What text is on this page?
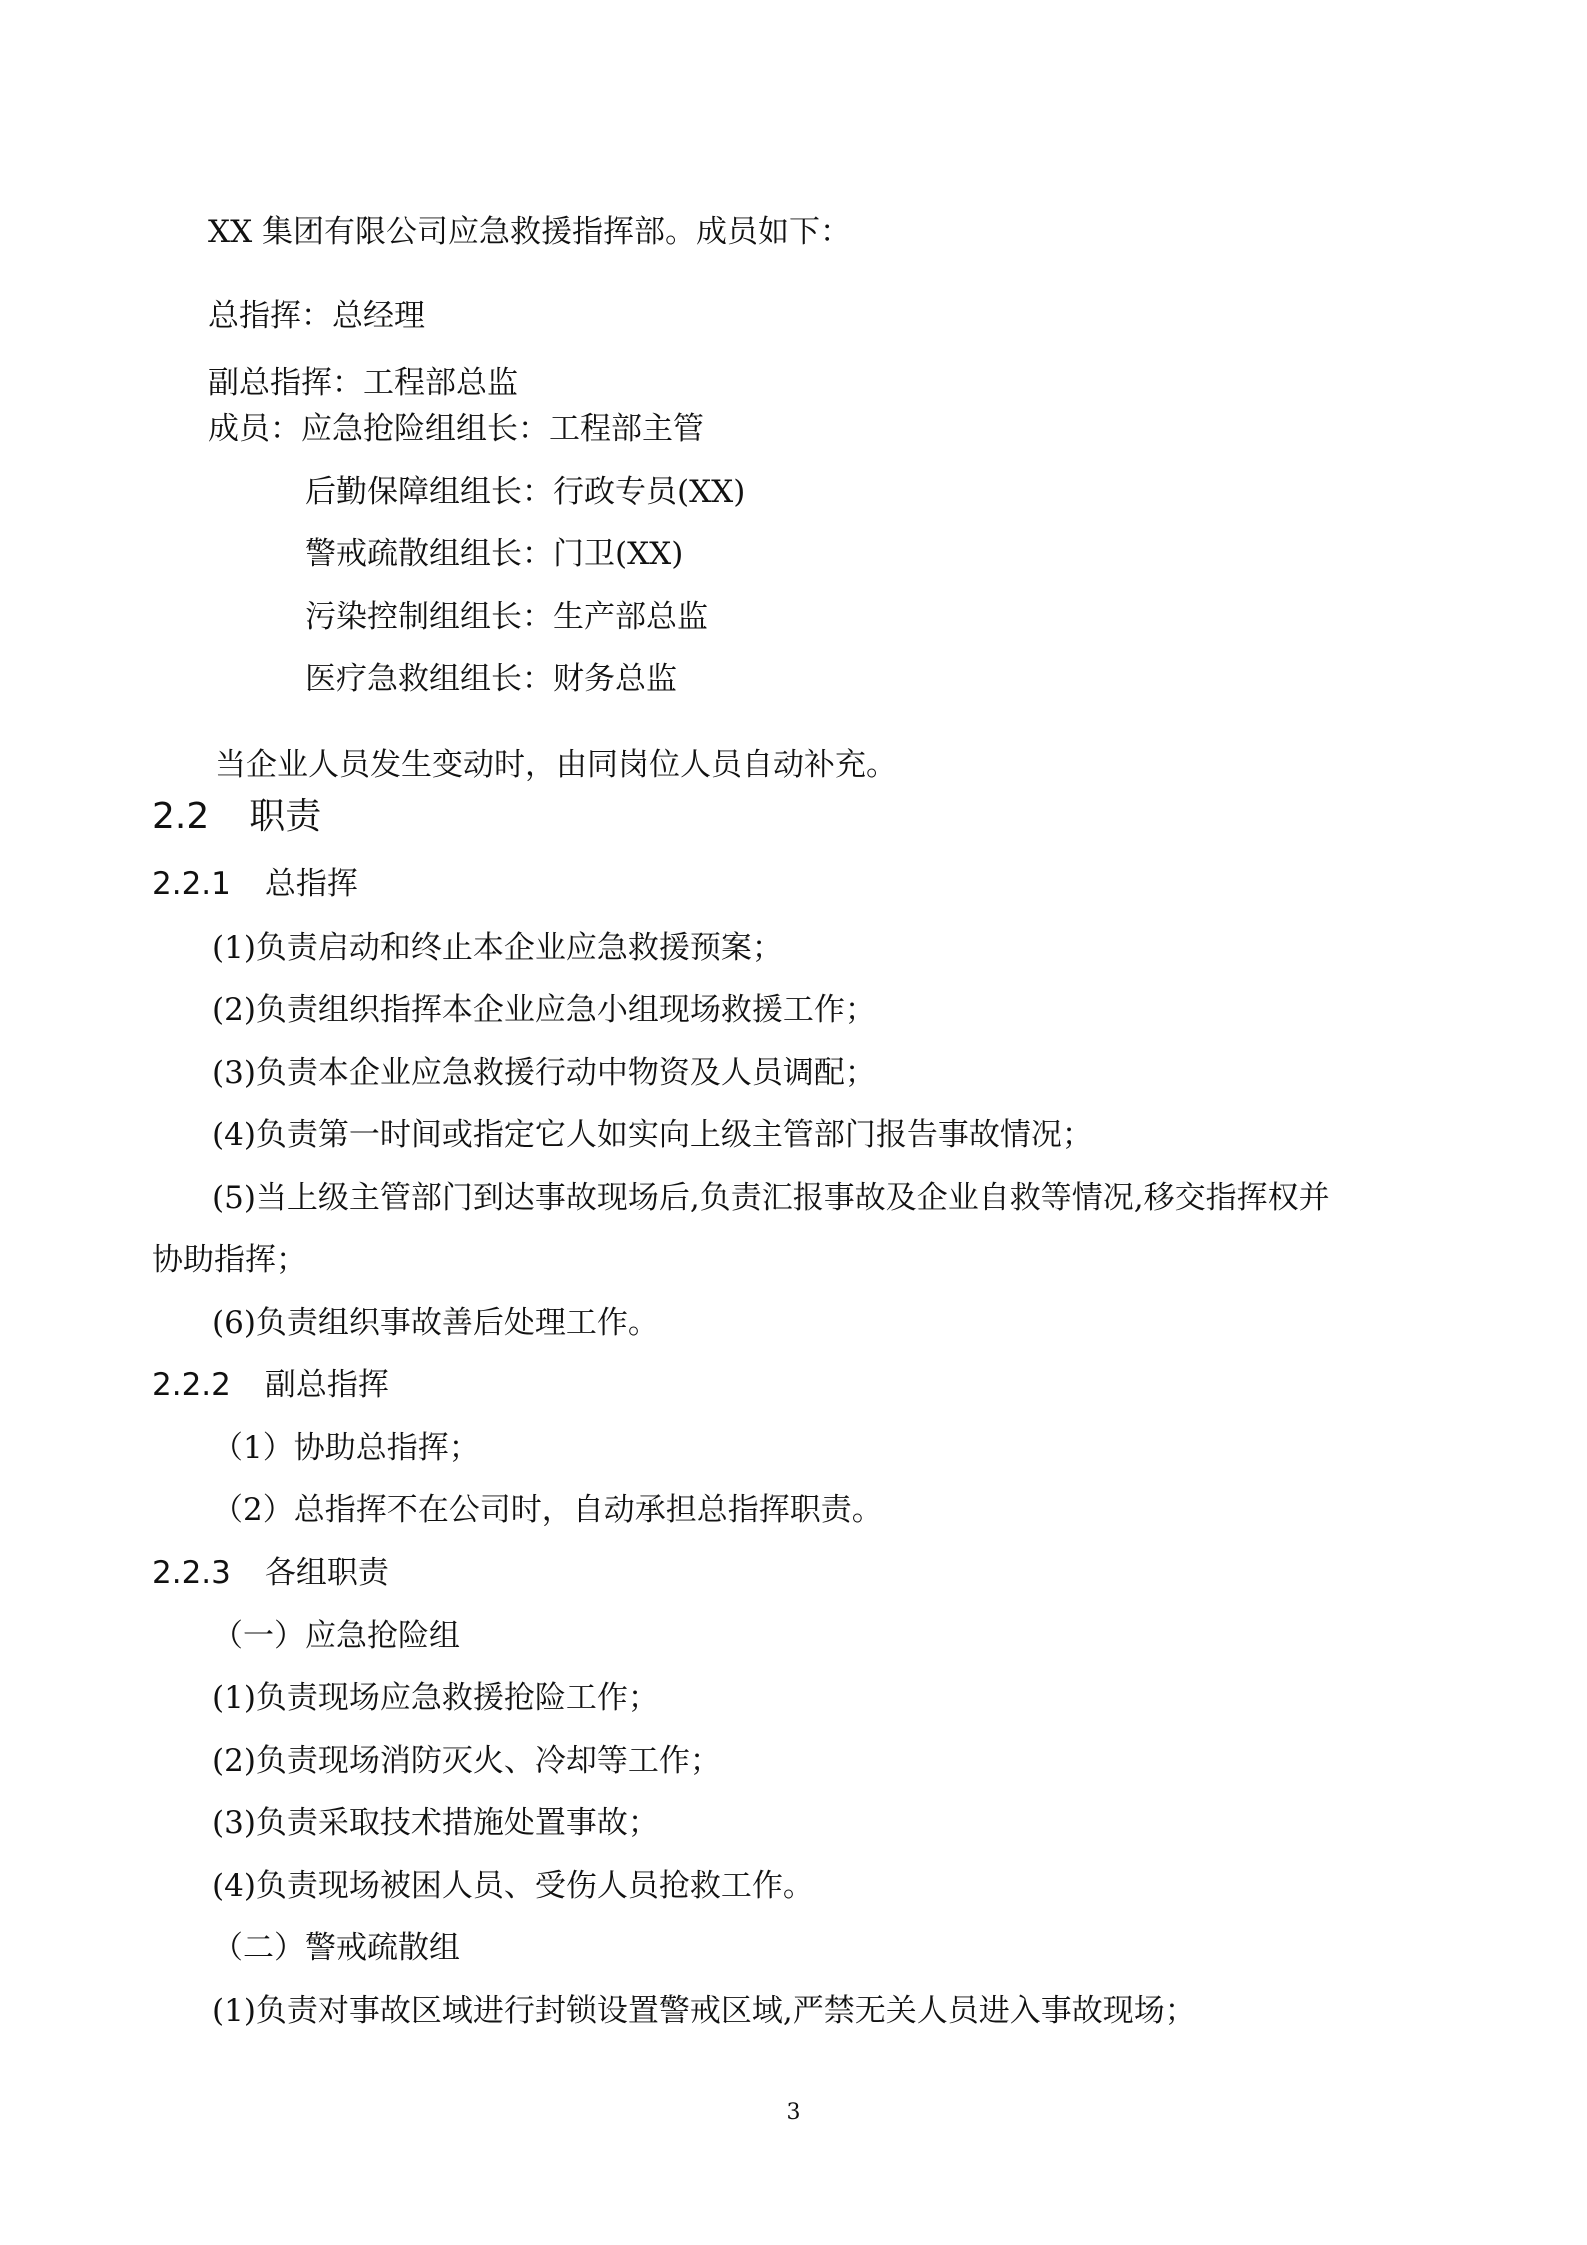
XX 集团有限公司应急救援指挥部。成员如下：
总指挥：总经理
副总指挥：工程部总监
成员：应急抢险组组长：工程部主管
后勤保障组组长：行政专员(XX)
警戒疏散组组长：门卫(XX)
污染控制组组长：生产部总监
医疗急救组组长：财务总监
当企业人员发生变动时，由同岗位人员自动补充。
2.2 职责
2.2.1 总指挥
(1)负责启动和终止本企业应急救援预案；
(2)负责组织指挥本企业应急小组现场救援工作；
(3)负责本企业应急救援行动中物资及人员调配；
(4)负责第一时间或指定它人如实向上级主管部门报告事故情况；
(5)当上级主管部门到达事故现场后,负责汇报事故及企业自救等情况,移交指挥权并
协助指挥；
(6)负责组织事故善后处理工作。
2.2.2 副总指挥
（1）协助总指挥；
（2）总指挥不在公司时，自动承担总指挥职责。
2.2.3 各组职责
（一）应急抢险组
(1)负责现场应急救援抢险工作；
(2)负责现场消防灭火、冷却等工作；
(3)负责采取技术措施处置事故；
(4)负责现场被困人员、受伤人员抢救工作。
（二）警戒疏散组
(1)负责对事故区域进行封锁设置警戒区域,严禁无关人员进入事故现场；
3
